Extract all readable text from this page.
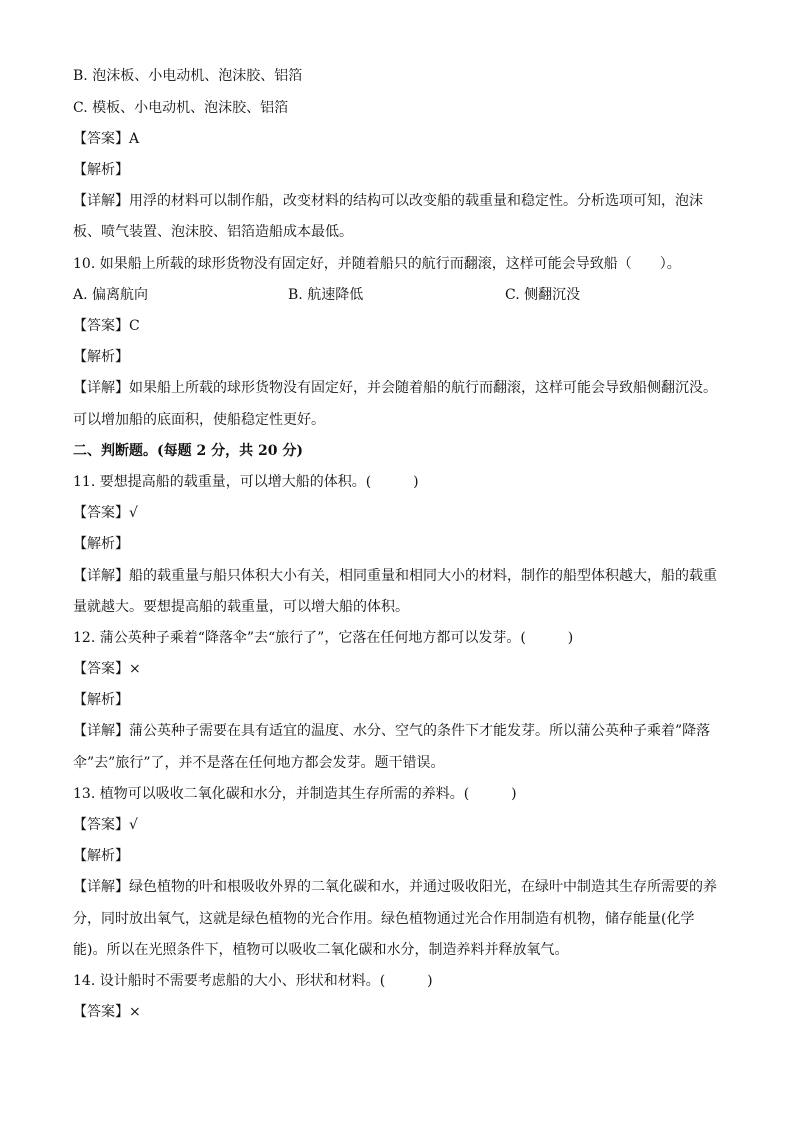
B. 泡沫板、小电动机、泡沫胶、铝箔
C. 模板、小电动机、泡沫胶、铝箔
【答案】A
【解析】
【详解】用浮的材料可以制作船，改变材料的结构可以改变船的载重量和稳定性。分析选项可知，泡沫
板、喷气装置、泡沫胶、铝箔造船成本最低。
10. 如果船上所载的球形货物没有固定好，并随着船只的航行而翻滚，这样可能会导致船（　　）。
A. 偏离航向	B. 航速降低	C. 侧翻沉没
【答案】C
【解析】
【详解】如果船上所载的球形货物没有固定好，并会随着船的航行而翻滚，这样可能会导致船侧翻沉没。
可以增加船的底面积，使船稳定性更好。
二、判断题。(每题 2 分，共 20 分)
11. 要想提高船的载重量，可以增大船的体积。(　　　)
【答案】√
【解析】
【详解】船的载重量与船只体积大小有关，相同重量和相同大小的材料，制作的船型体积越大，船的载重
量就越大。要想提高船的载重量，可以增大船的体积。
12. 蒲公英种子乘着“降落伞”去“旅行了”，它落在任何地方都可以发芽。(　　　)
【答案】×
【解析】
【详解】蒲公英种子需要在具有适宜的温度、水分、空气的条件下才能发芽。所以蒲公英种子乘着”降落
伞”去”旅行”了，并不是落在任何地方都会发芽。题干错误。
13. 植物可以吸收二氧化碳和水分，并制造其生存所需的养料。(　　　)
【答案】√
【解析】
【详解】绿色植物的叶和根吸收外界的二氧化碳和水，并通过吸收阳光，在绿叶中制造其生存所需要的养
分，同时放出氧气，这就是绿色植物的光合作用。绿色植物通过光合作用制造有机物，储存能量(化学
能)。所以在光照条件下，植物可以吸收二氧化碳和水分，制造养料并释放氧气。
14. 设计船时不需要考虑船的大小、形状和材料。(　　　)
【答案】×
